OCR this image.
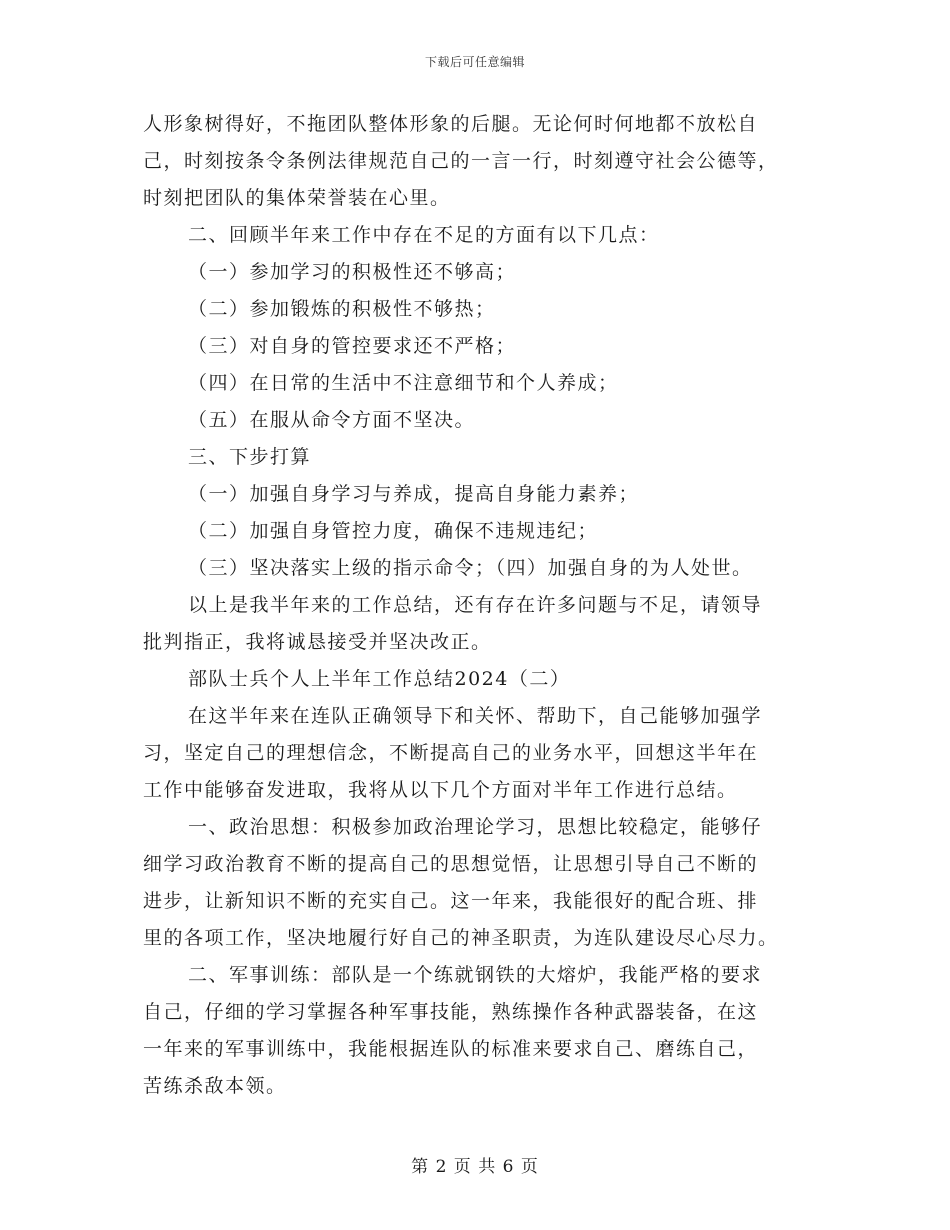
下载后可任意编辑
人形象树得好，不拖团队整体形象的后腿。无论何时何地都不放松自
己，时刻按条令条例法律规范自己的一言一行，时刻遵守社会公德等，
时刻把团队的集体荣誉装在心里。
二、回顾半年来工作中存在不足的方面有以下几点：
（一）参加学习的积极性还不够高；
（二）参加锻炼的积极性不够热；
（三）对自身的管控要求还不严格；
（四）在日常的生活中不注意细节和个人养成；
（五）在服从命令方面不坚决。
三、下步打算
（一）加强自身学习与养成，提高自身能力素养；
（二）加强自身管控力度，确保不违规违纪；
（三）坚决落实上级的指示命令；（四）加强自身的为人处世。
以上是我半年来的工作总结，还有存在许多问题与不足，请领导
批判指正，我将诚恳接受并坚决改正。
部队士兵个人上半年工作总结2024（二）
在这半年来在连队正确领导下和关怀、帮助下，自己能够加强学
习，坚定自己的理想信念，不断提高自己的业务水平，回想这半年在
工作中能够奋发进取，我将从以下几个方面对半年工作进行总结。
一、政治思想：积极参加政治理论学习，思想比较稳定，能够仔
细学习政治教育不断的提高自己的思想觉悟，让思想引导自己不断的
进步，让新知识不断的充实自己。这一年来，我能很好的配合班、排
里的各项工作，坚决地履行好自己的神圣职责，为连队建设尽心尽力。
二、军事训练：部队是一个练就钢铁的大熔炉，我能严格的要求
自己，仔细的学习掌握各种军事技能，熟练操作各种武器装备，在这
一年来的军事训练中，我能根据连队的标准来要求自己、磨练自己，
苦练杀敌本领。
第 2 页 共 6 页
